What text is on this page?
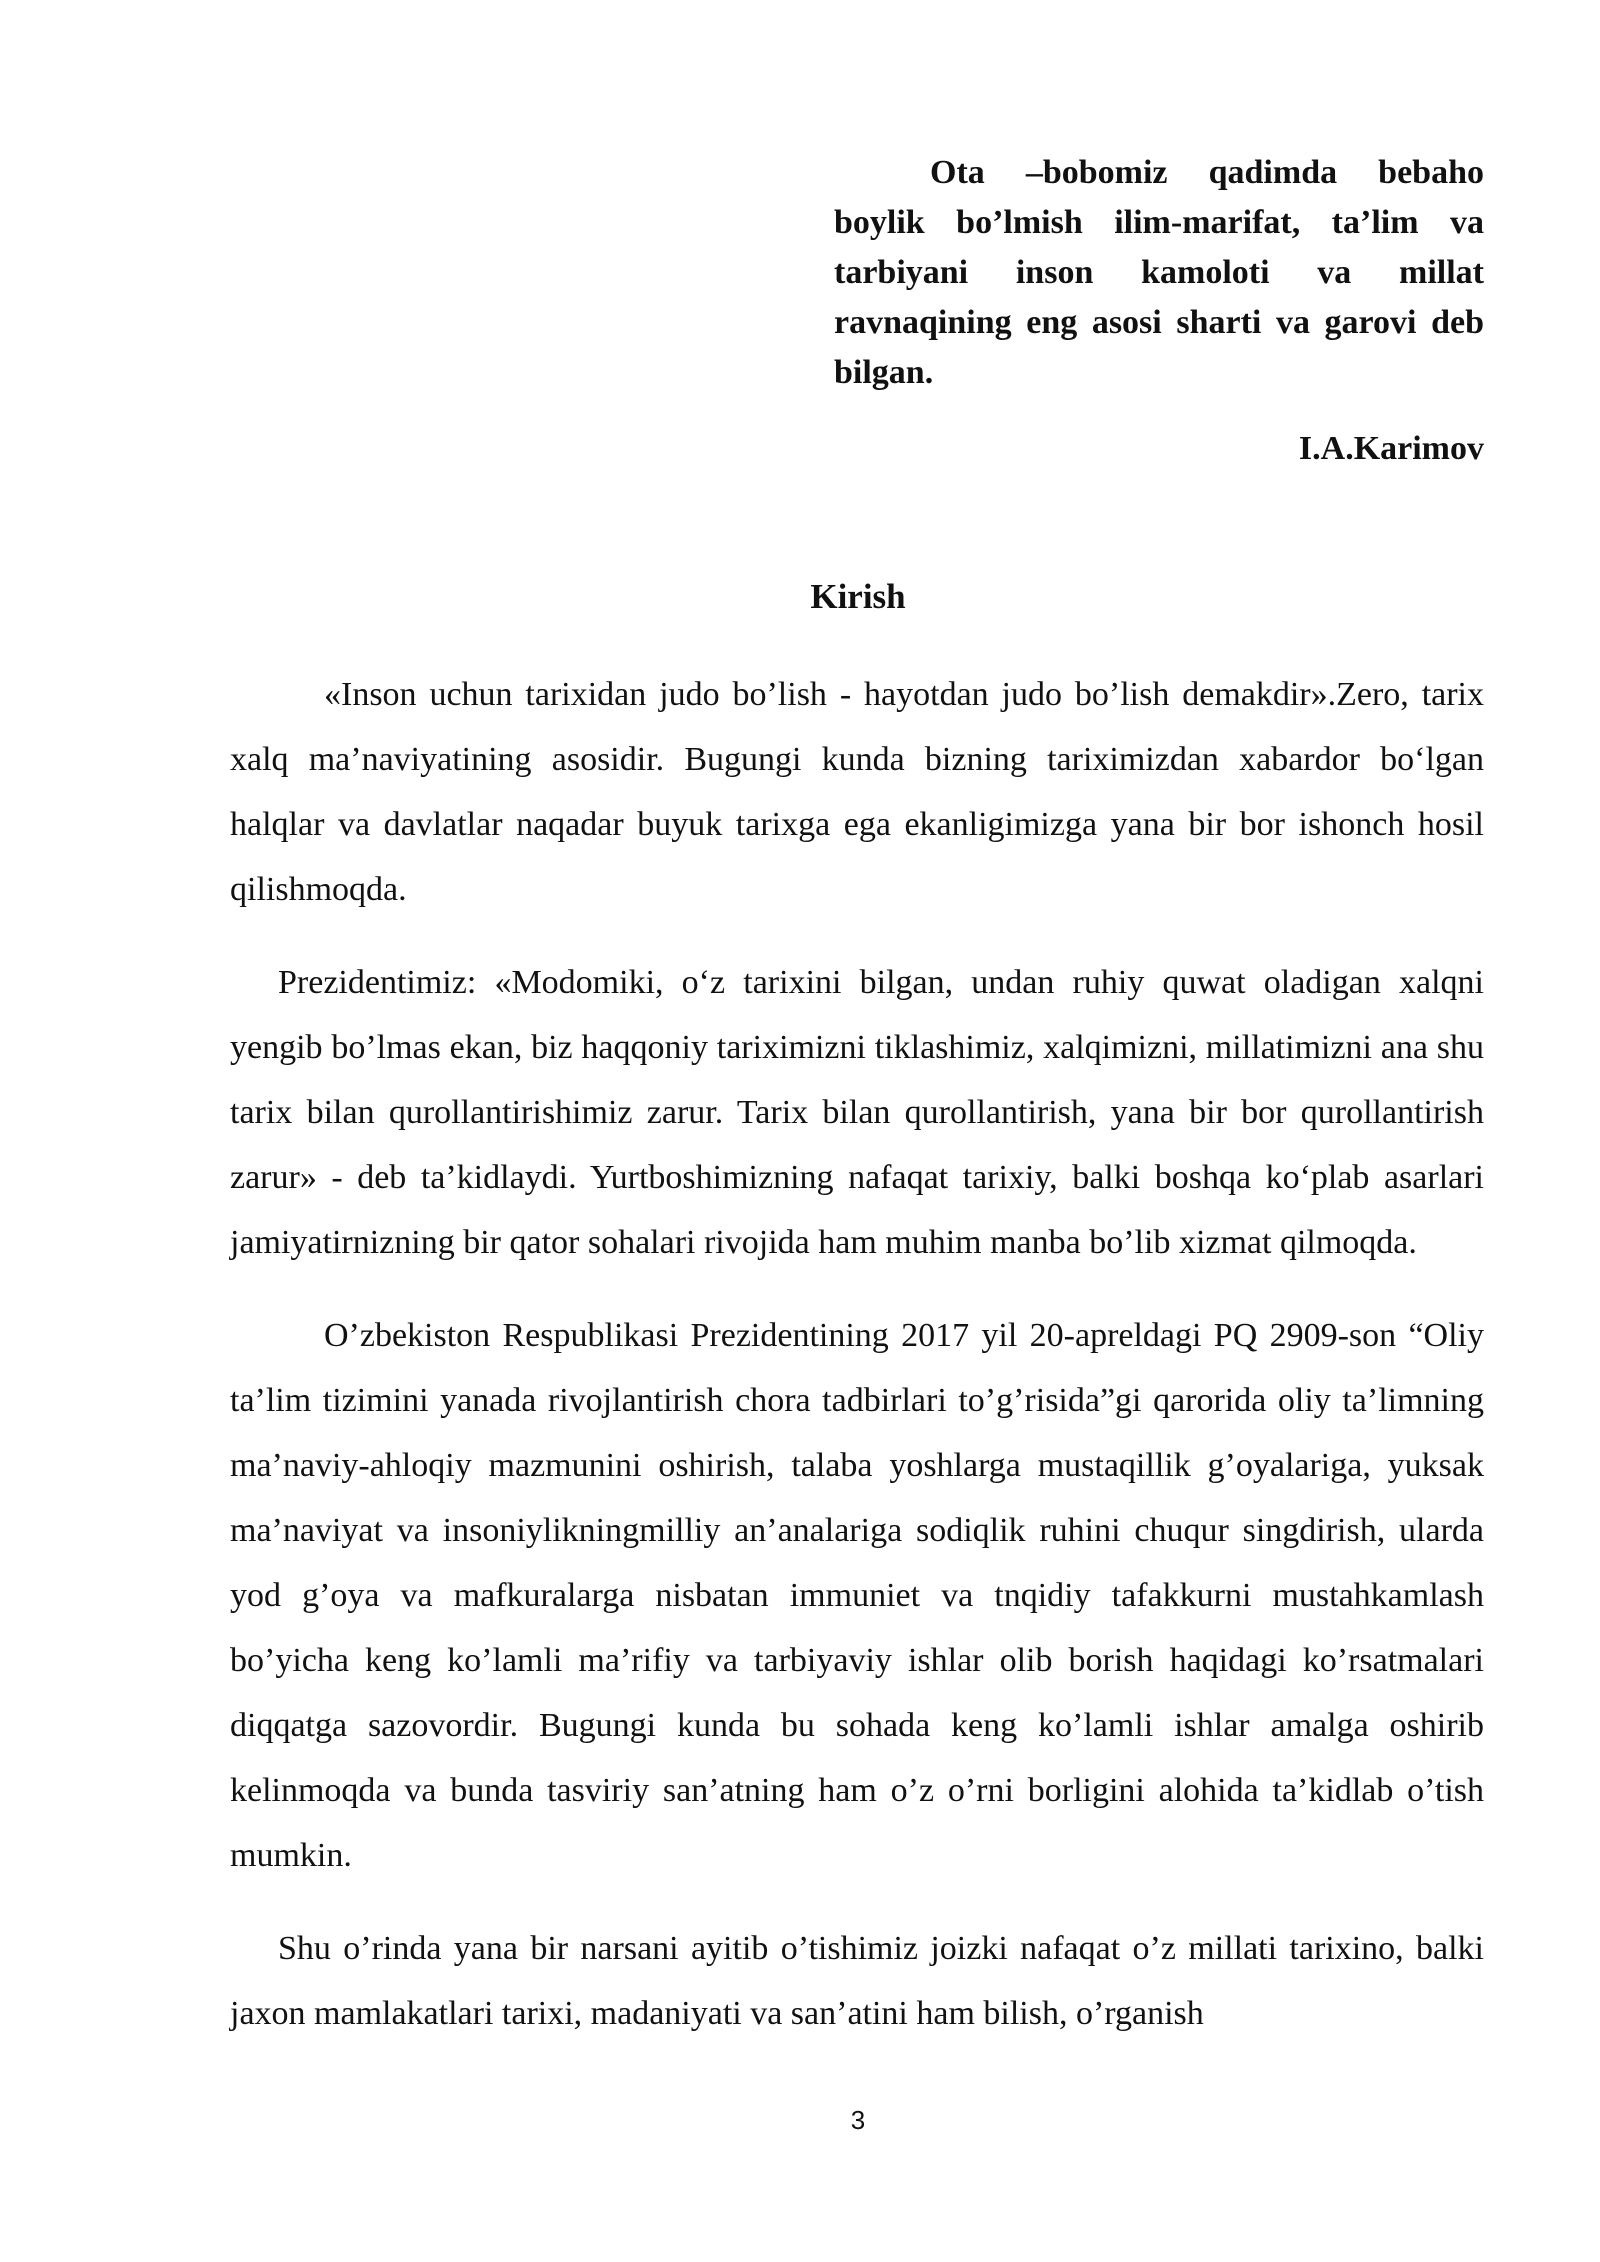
Ota –bobomiz qadimda bebaho boylik bo’lmish ilim-marifat, ta’lim va tarbiyani inson kamoloti va millat ravnaqining eng asosi sharti va garovi deb bilgan.

I.A.Karimov

Kirish

«Inson uchun tarixidan judo bo’lish - hayotdan judo bo’lish demakdir».Zero, tarix xalq ma’naviyatining asosidir. Bugungi kunda bizning tariximizdan xabardor bo‘lgan halqlar va davlatlar naqadar buyuk tarixga ega ekanligimizga yana bir bor ishonch hosil qilishmoqda.

Prezidentimiz: «Modomiki, o‘z tarixini bilgan, undan ruhiy quwat oladigan xalqni yengib bo’lmas ekan, biz haqqoniy tariximizni tiklashimiz, xalqimizni, millatimizni ana shu tarix bilan qurollantirishimiz zarur. Tarix bilan qurollantirish, yana bir bor qurollantirish zarur» - deb ta’kidlaydi. Yurtboshimizning nafaqat tarixiy, balki boshqa ko‘plab asarlari jamiyatirnizning bir qator sohalari rivojida ham muhim manba bo’lib xizmat qilmoqda.

O’zbekiston Respublikasi Prezidentining 2017 yil 20-apreldagi PQ 2909-son “Oliy ta’lim tizimini yanada rivojlantirish chora tadbirlari to’g’risida”gi qarorida oliy ta’limning ma’naviy-ahloqiy mazmunini oshirish, talaba yoshlarga mustaqillik g’oyalariga, yuksak ma’naviyat va insoniylikningmilliy an’analariga sodiqlik ruhini chuqur singdirish, ularda yod g’oya va mafkuralarga nisbatan immuniet va tnqidiy tafakkurni mustahkamlash bo’yicha keng ko’lamli ma’rifiy va tarbiyaviy ishlar olib borish haqidagi ko’rsatmalari diqqatga sazovordir. Bugungi kunda bu sohada keng ko’lamli ishlar amalga oshirib kelinmoqda va bunda tasviriy san’atning ham o’z o’rni borligini alohida ta’kidlab o’tish mumkin.

Shu o’rinda yana bir narsani ayitib o’tishimiz joizki nafaqat o’z millati tarixino, balki jaxon mamlakatlari tarixi, madaniyati va san’atini ham bilish, o’rganish

3
